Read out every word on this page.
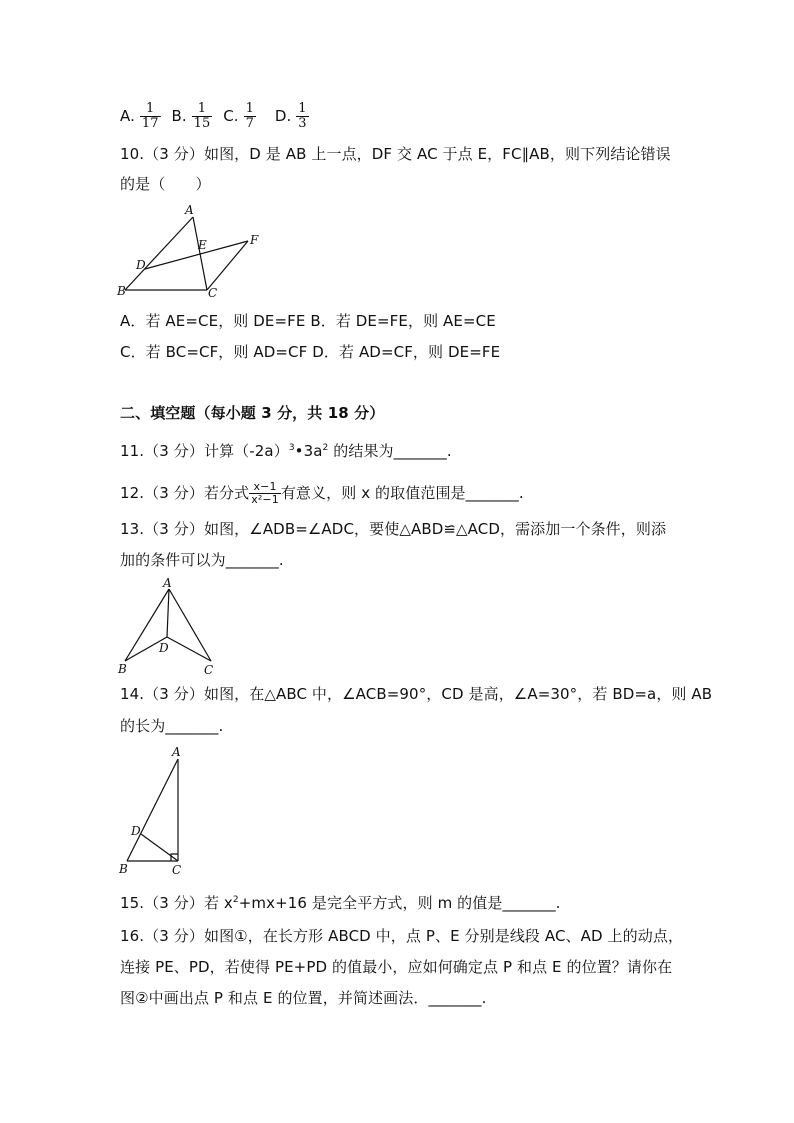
A. $\frac{1}{17} B$. $\frac{1}{15} C$. $\frac{1}{7} D$. $\frac{1}{3}$
10.（3 分）如图，D 是 AB 上一点，DF 交 AC 于点 E，FC∥AB，则下列结论错误
的是（　　）
A
B	C
D
E	F
A．若 AE=CE，则 DE=FE B．若 DE=FE，则 AE=CE
C．若 BC=CF，则 AD=CF D．若 AD=CF，则 DE=FE
二、填空题（每小题 3 分，共 18 分）
11.（3 分）计算$(-2a)^3•3a^2$ 的结果为_______.
12.（3 分）若分式 $\frac{x-1}{\text{x²−1}}$ 有意义，则 x 的取值范围是_______.
13.（3 分）如图，∠ADB=∠ADC，要使△ABD≌△ACD，需添加一个条件，则添
加的条件可以为_______.
A
B	C
D
14.（3 分）如图，在△ABC 中，∠ACB=90°，CD 是高，∠A=30°，若 BD=a，则 AB
的长为_______.
A
B	C
D
15.（3 分）若 $x^2+mx+16$ 是完全平方式，则 m 的值是_______.
16.（3 分）如图①，在长方形 ABCD 中，点 P、E 分别是线段 AC、AD 上的动点，
连接 PE、PD，若使得 PE+PD 的值最小，应如何确定点 P 和点 E 的位置？请你在
图②中画出点 P 和点 E 的位置，并简述画法．_______.
